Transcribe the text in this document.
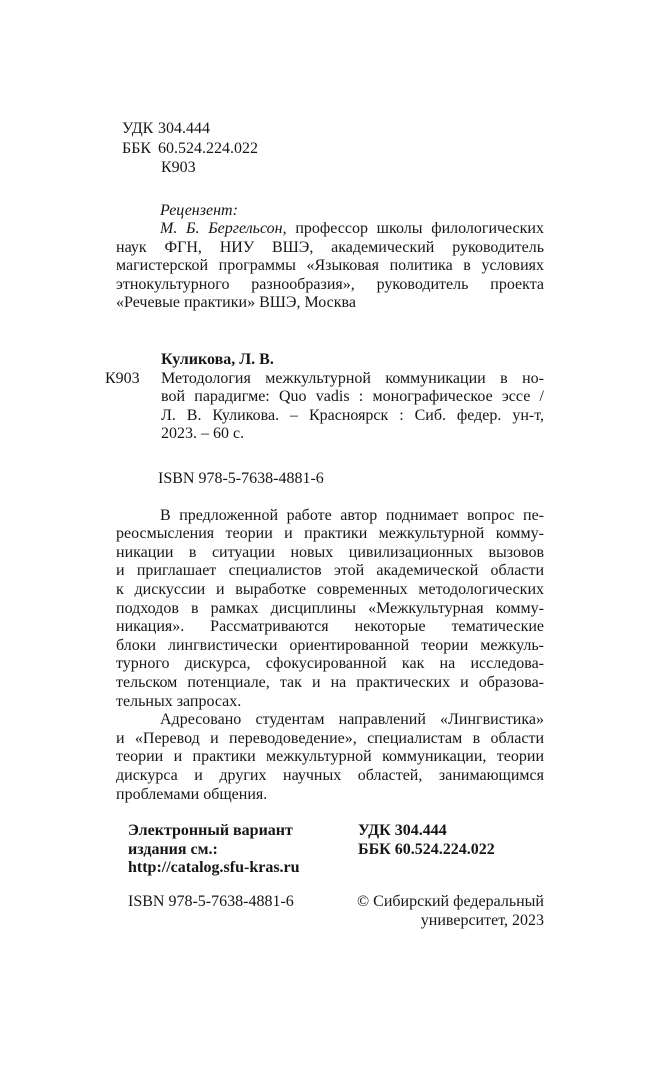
УДК 304.444
ББК 60.524.224.022
К903
Рецензент:

М. Б. Бергельсон, профессор школы филологических наук ФГН, НИУ ВШЭ, академический руководитель магистерской программы «Языковая политика в условиях этнокультурного разнообразия», руководитель проекта «Речевые практики» ВШЭ, Москва

Куликова, Л. В.
К903 Методология межкультурной коммуникации в но-
вой парадигме: Quo vadis : монографическое эссе /
Л. В. Куликова. – Красноярск : Сиб. федер. ун-т,
2023. – 60 с.
ISBN 978-5-7638-4881-6
В предложенной работе автор поднимает вопрос пе-
реосмысления теории и практики межкультурной комму-
никации в ситуации новых цивилизационных вызовов
и приглашает специалистов этой академической области
к дискуссии и выработке современных методологических
подходов в рамках дисциплины «Межкультурная комму-
никация». Рассматриваются некоторые тематические
блоки лингвистически ориентированной теории межкуль-
турного дискурса, сфокусированной как на исследова-
тельском потенциале, так и на практических и образова-
тельных запросах.
Адресовано студентам направлений «Лингвистика»
и «Перевод и переводоведение», специалистам в области
теории и практики межкультурной коммуникации, теории
дискурса и других научных областей, занимающимся
проблемами общения.
Электронный вариант
издания см.:
http://catalog.sfu-kras.ru
УДК 304.444
ББК 60.524.224.022
ISBN 978-5-7638-4881-6	© Сибирский федеральный
университет, 2023
